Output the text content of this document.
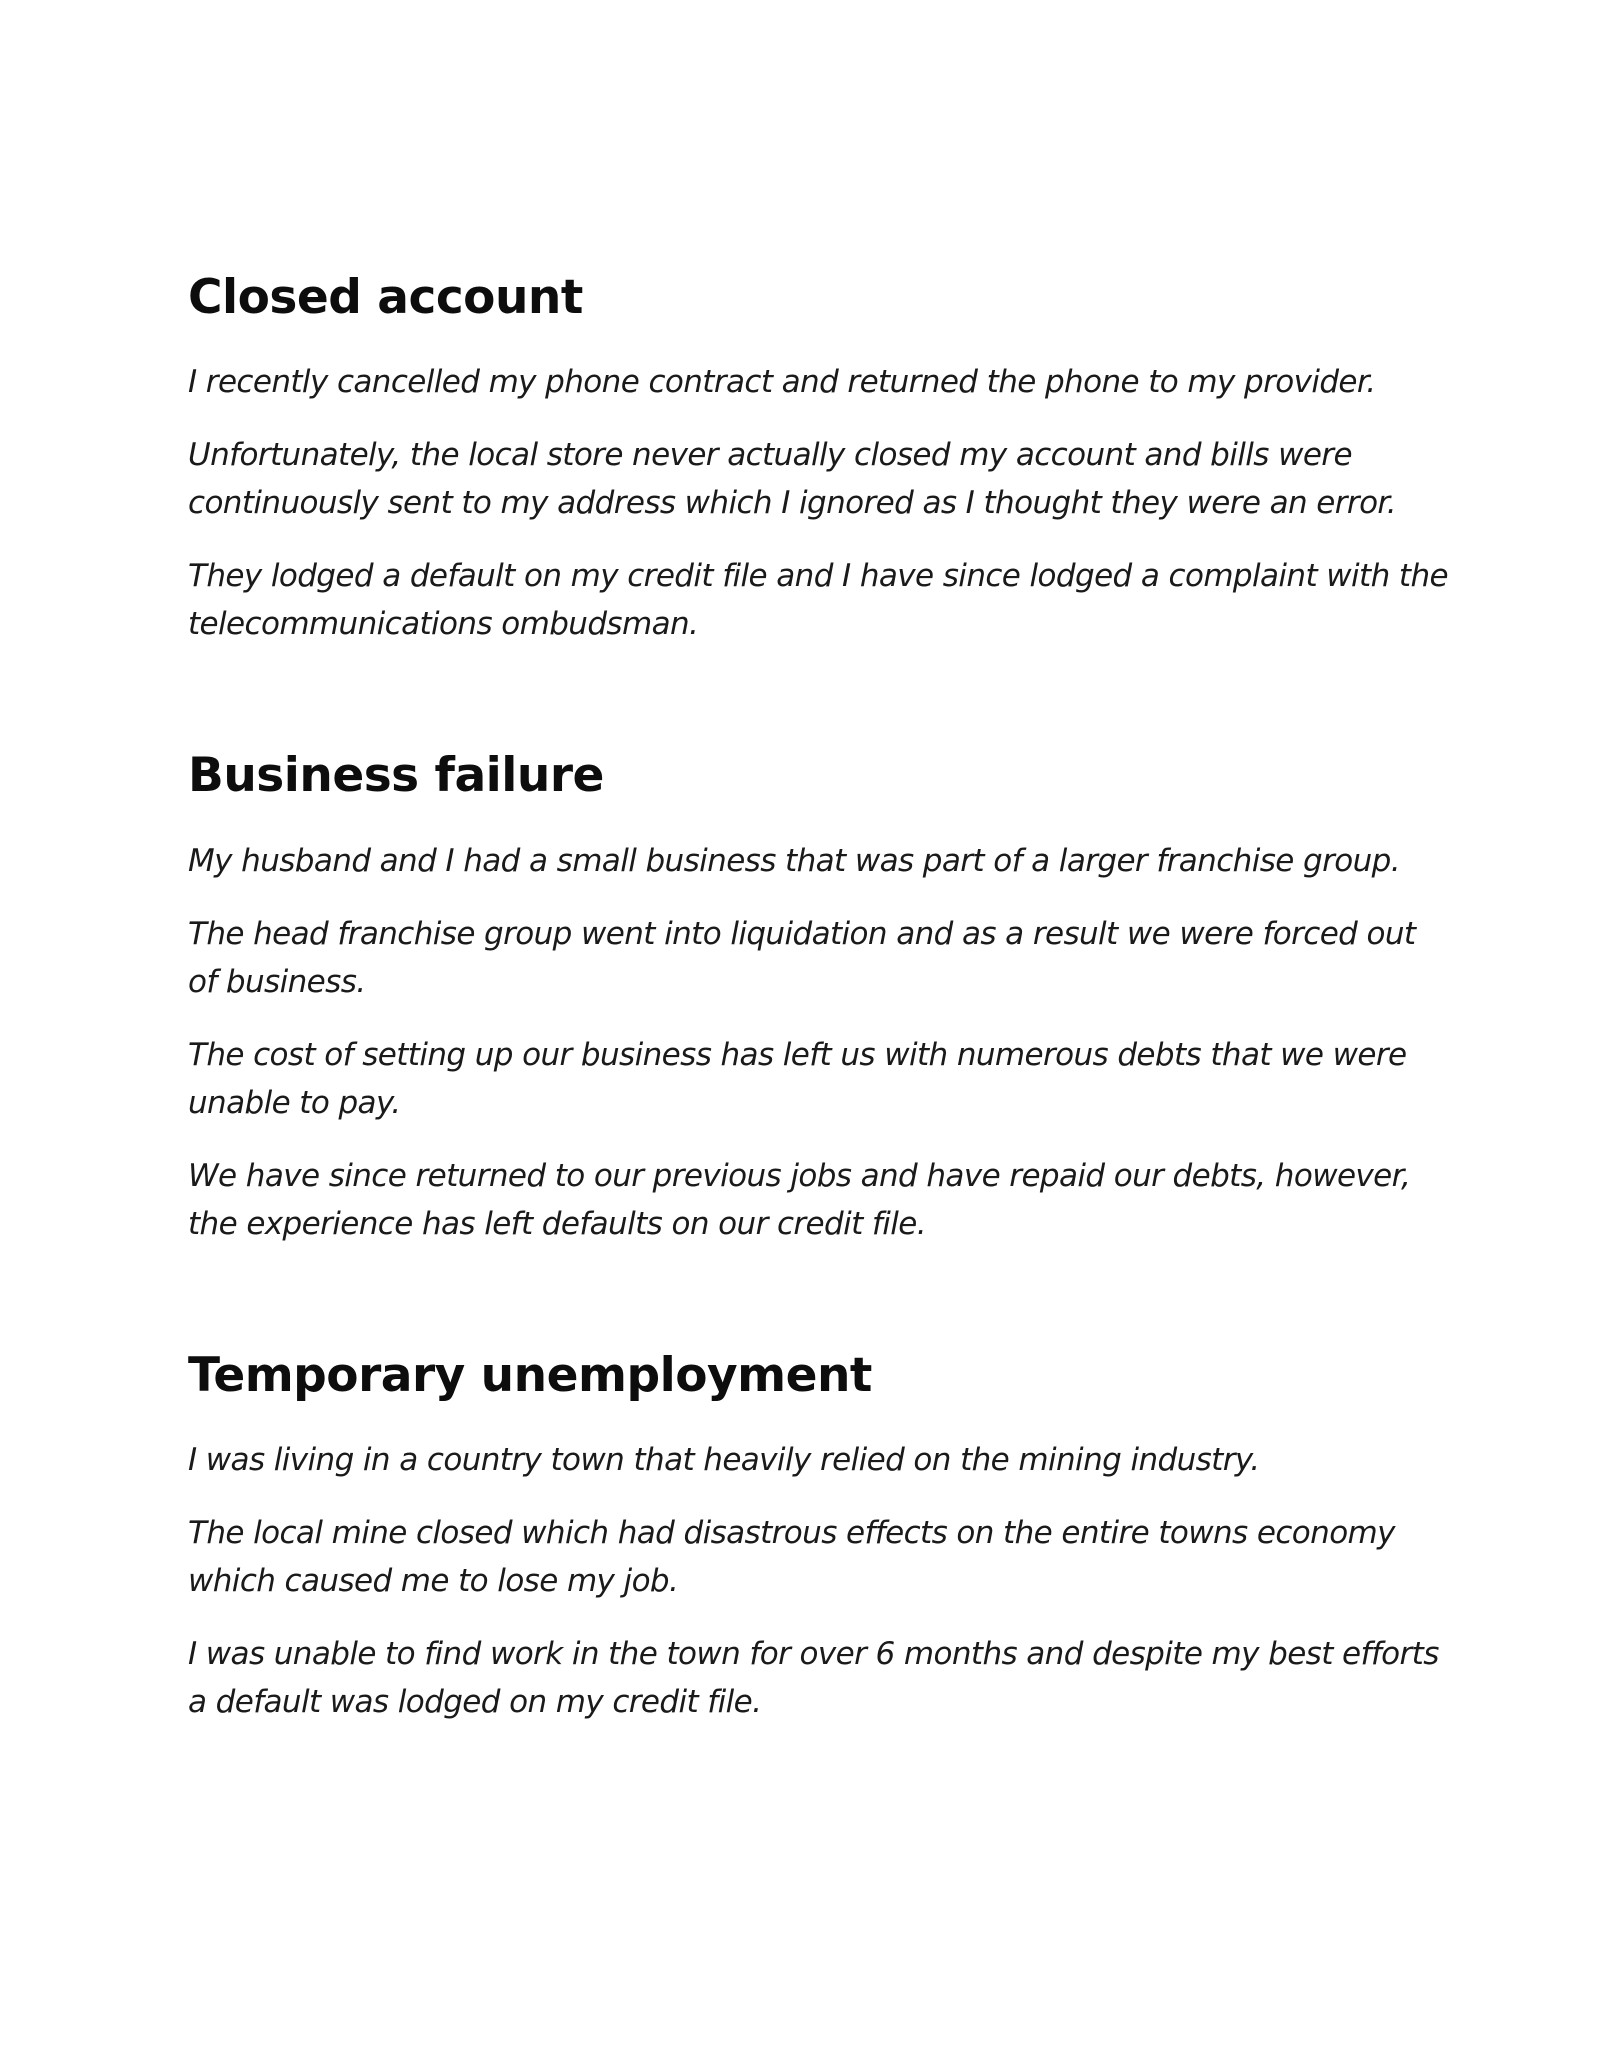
Closed account

I recently cancelled my phone contract and returned the phone to my provider.

Unfortunately, the local store never actually closed my account and bills were continuously sent to my address which I ignored as I thought they were an error.

They lodged a default on my credit file and I have since lodged a complaint with the telecommunications ombudsman.

Business failure

My husband and I had a small business that was part of a larger franchise group.

The head franchise group went into liquidation and as a result we were forced out of business.

The cost of setting up our business has left us with numerous debts that we were unable to pay.

We have since returned to our previous jobs and have repaid our debts, however, the experience has left defaults on our credit file.

Temporary unemployment

I was living in a country town that heavily relied on the mining industry.

The local mine closed which had disastrous effects on the entire towns economy which caused me to lose my job.

I was unable to find work in the town for over 6 months and despite my best efforts a default was lodged on my credit file.
